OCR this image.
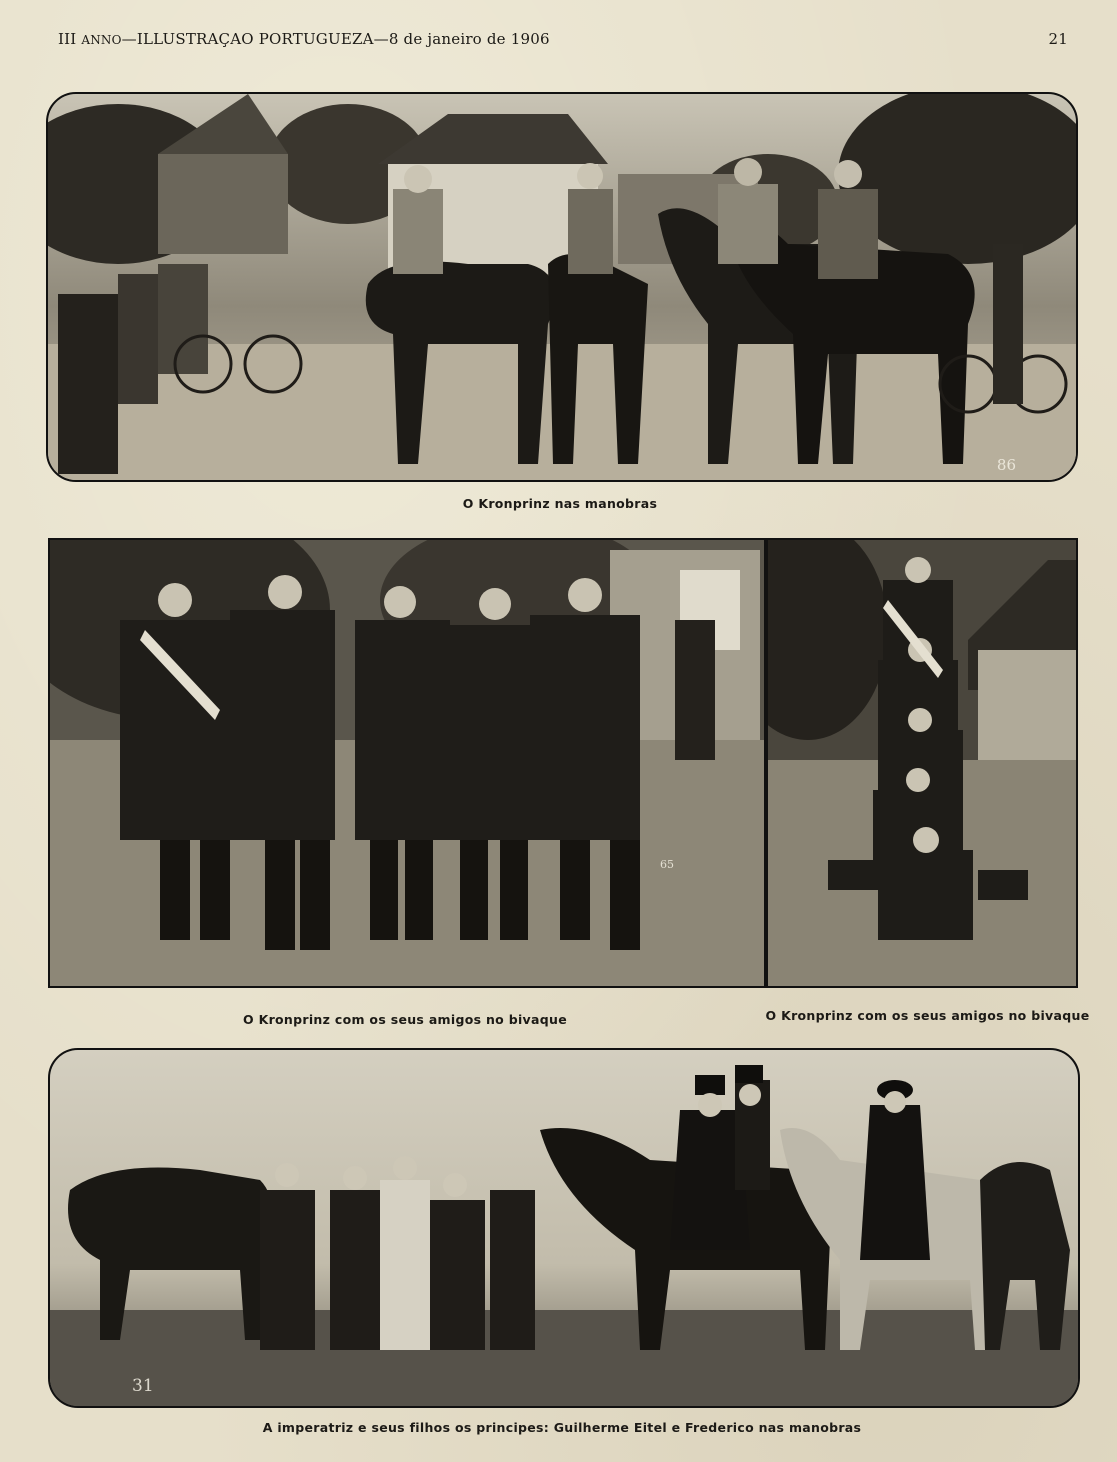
III ANNO—ILLUSTRAÇAO PORTUGUEZA—8 de janeiro de 1906	21
86
O Kronprinz nas manobras
65
O Kronprinz com os seus amigos no bivaque	O Kronprinz com os seus amigos no bivaque
31
A imperatriz e seus filhos os principes: Guilherme Eitel e Frederico nas manobras
